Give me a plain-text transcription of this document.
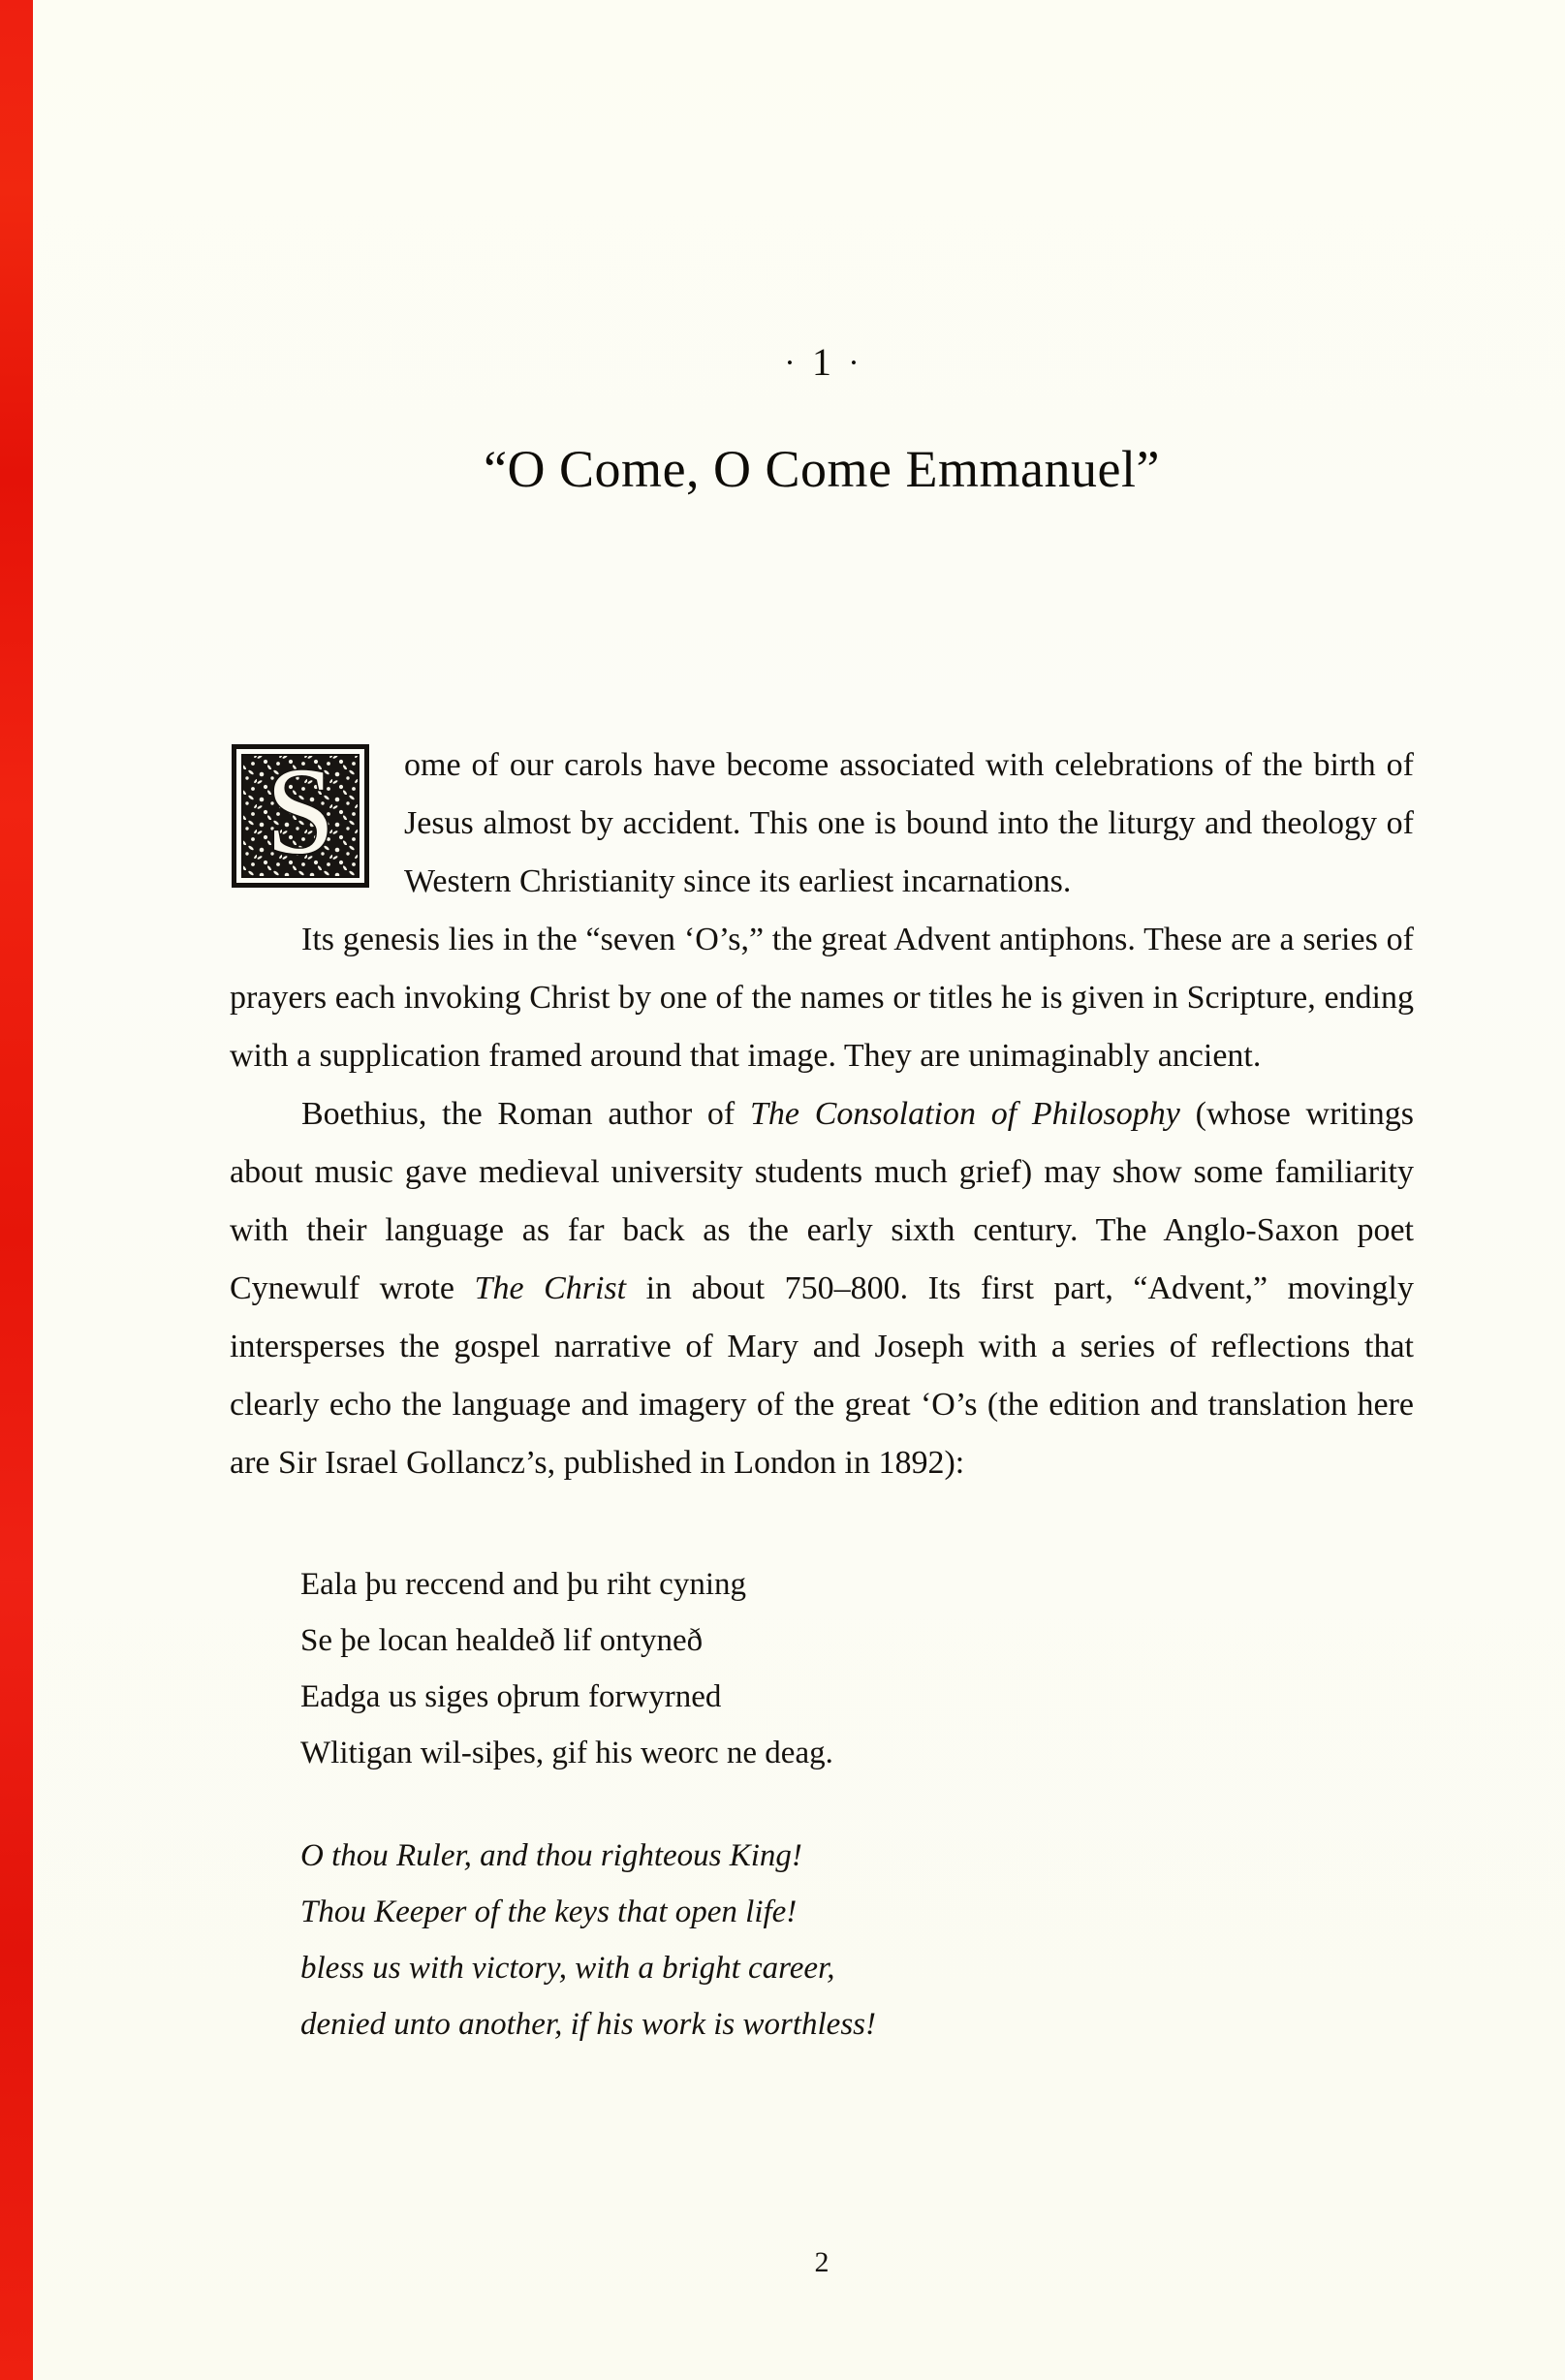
• 1 •
“O Come, O Come Emmanuel”

S ome of our carols have become associated with celebrations of the birth of Jesus almost by accident. This one is bound into the liturgy and theology of Western Christianity since its earliest incarnations.

Its genesis lies in the “seven ‘O’s,” the great Advent antiphons. These are a series of prayers each invoking Christ by one of the names or titles he is given in Scripture, ending with a supplication framed around that image. They are unimaginably ancient.

Boethius, the Roman author of The Consolation of Philosophy (whose writings about music gave medieval university students much grief) may show some familiarity with their language as far back as the early sixth century. The Anglo-Saxon poet Cynewulf wrote The Christ in about 750–800. Its first part, “Advent,” movingly intersperses the gospel narrative of Mary and Joseph with a series of reflections that clearly echo the language and imagery of the great ‘O’s (the edition and translation here are Sir Israel Gollancz’s, published in London in 1892):

Eala þu reccend and þu riht cyning
Se þe locan healdeð lif ontyneð
Eadga us siges oþrum forwyrned
Wlitigan wil-siþes, gif his weorc ne deag.
O thou Ruler, and thou righteous King!
Thou Keeper of the keys that open life!
bless us with victory, with a bright career,
denied unto another, if his work is worthless!
2
